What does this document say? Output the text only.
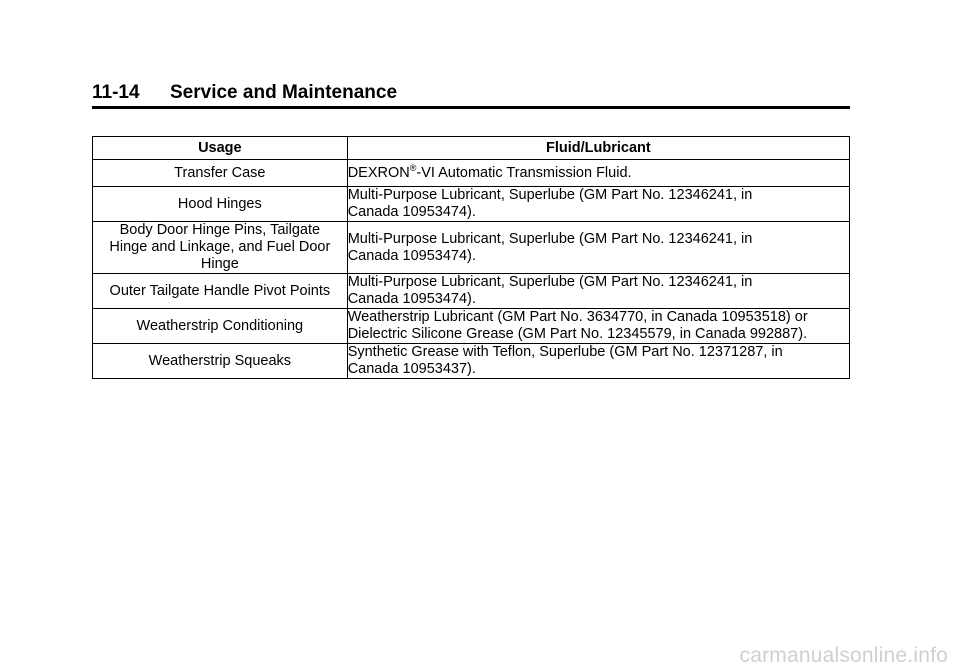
11-14 Service and Maintenance
Usage	Fluid/Lubricant
Transfer Case	DEXRON®-VI Automatic Transmission Fluid.
Hood Hinges	Multi-Purpose Lubricant, Superlube (GM Part No. 12346241, in
Canada 10953474).
Body Door Hinge Pins, Tailgate
Hinge and Linkage, and Fuel Door
Hinge	Multi-Purpose Lubricant, Superlube (GM Part No. 12346241, in
Canada 10953474).
Outer Tailgate Handle Pivot Points	Multi-Purpose Lubricant, Superlube (GM Part No. 12346241, in
Canada 10953474).
Weatherstrip Conditioning	Weatherstrip Lubricant (GM Part No. 3634770, in Canada 10953518) or
Dielectric Silicone Grease (GM Part No. 12345579, in Canada 992887).
Weatherstrip Squeaks	Synthetic Grease with Teflon, Superlube (GM Part No. 12371287, in
Canada 10953437).
carmanualsonline.info
